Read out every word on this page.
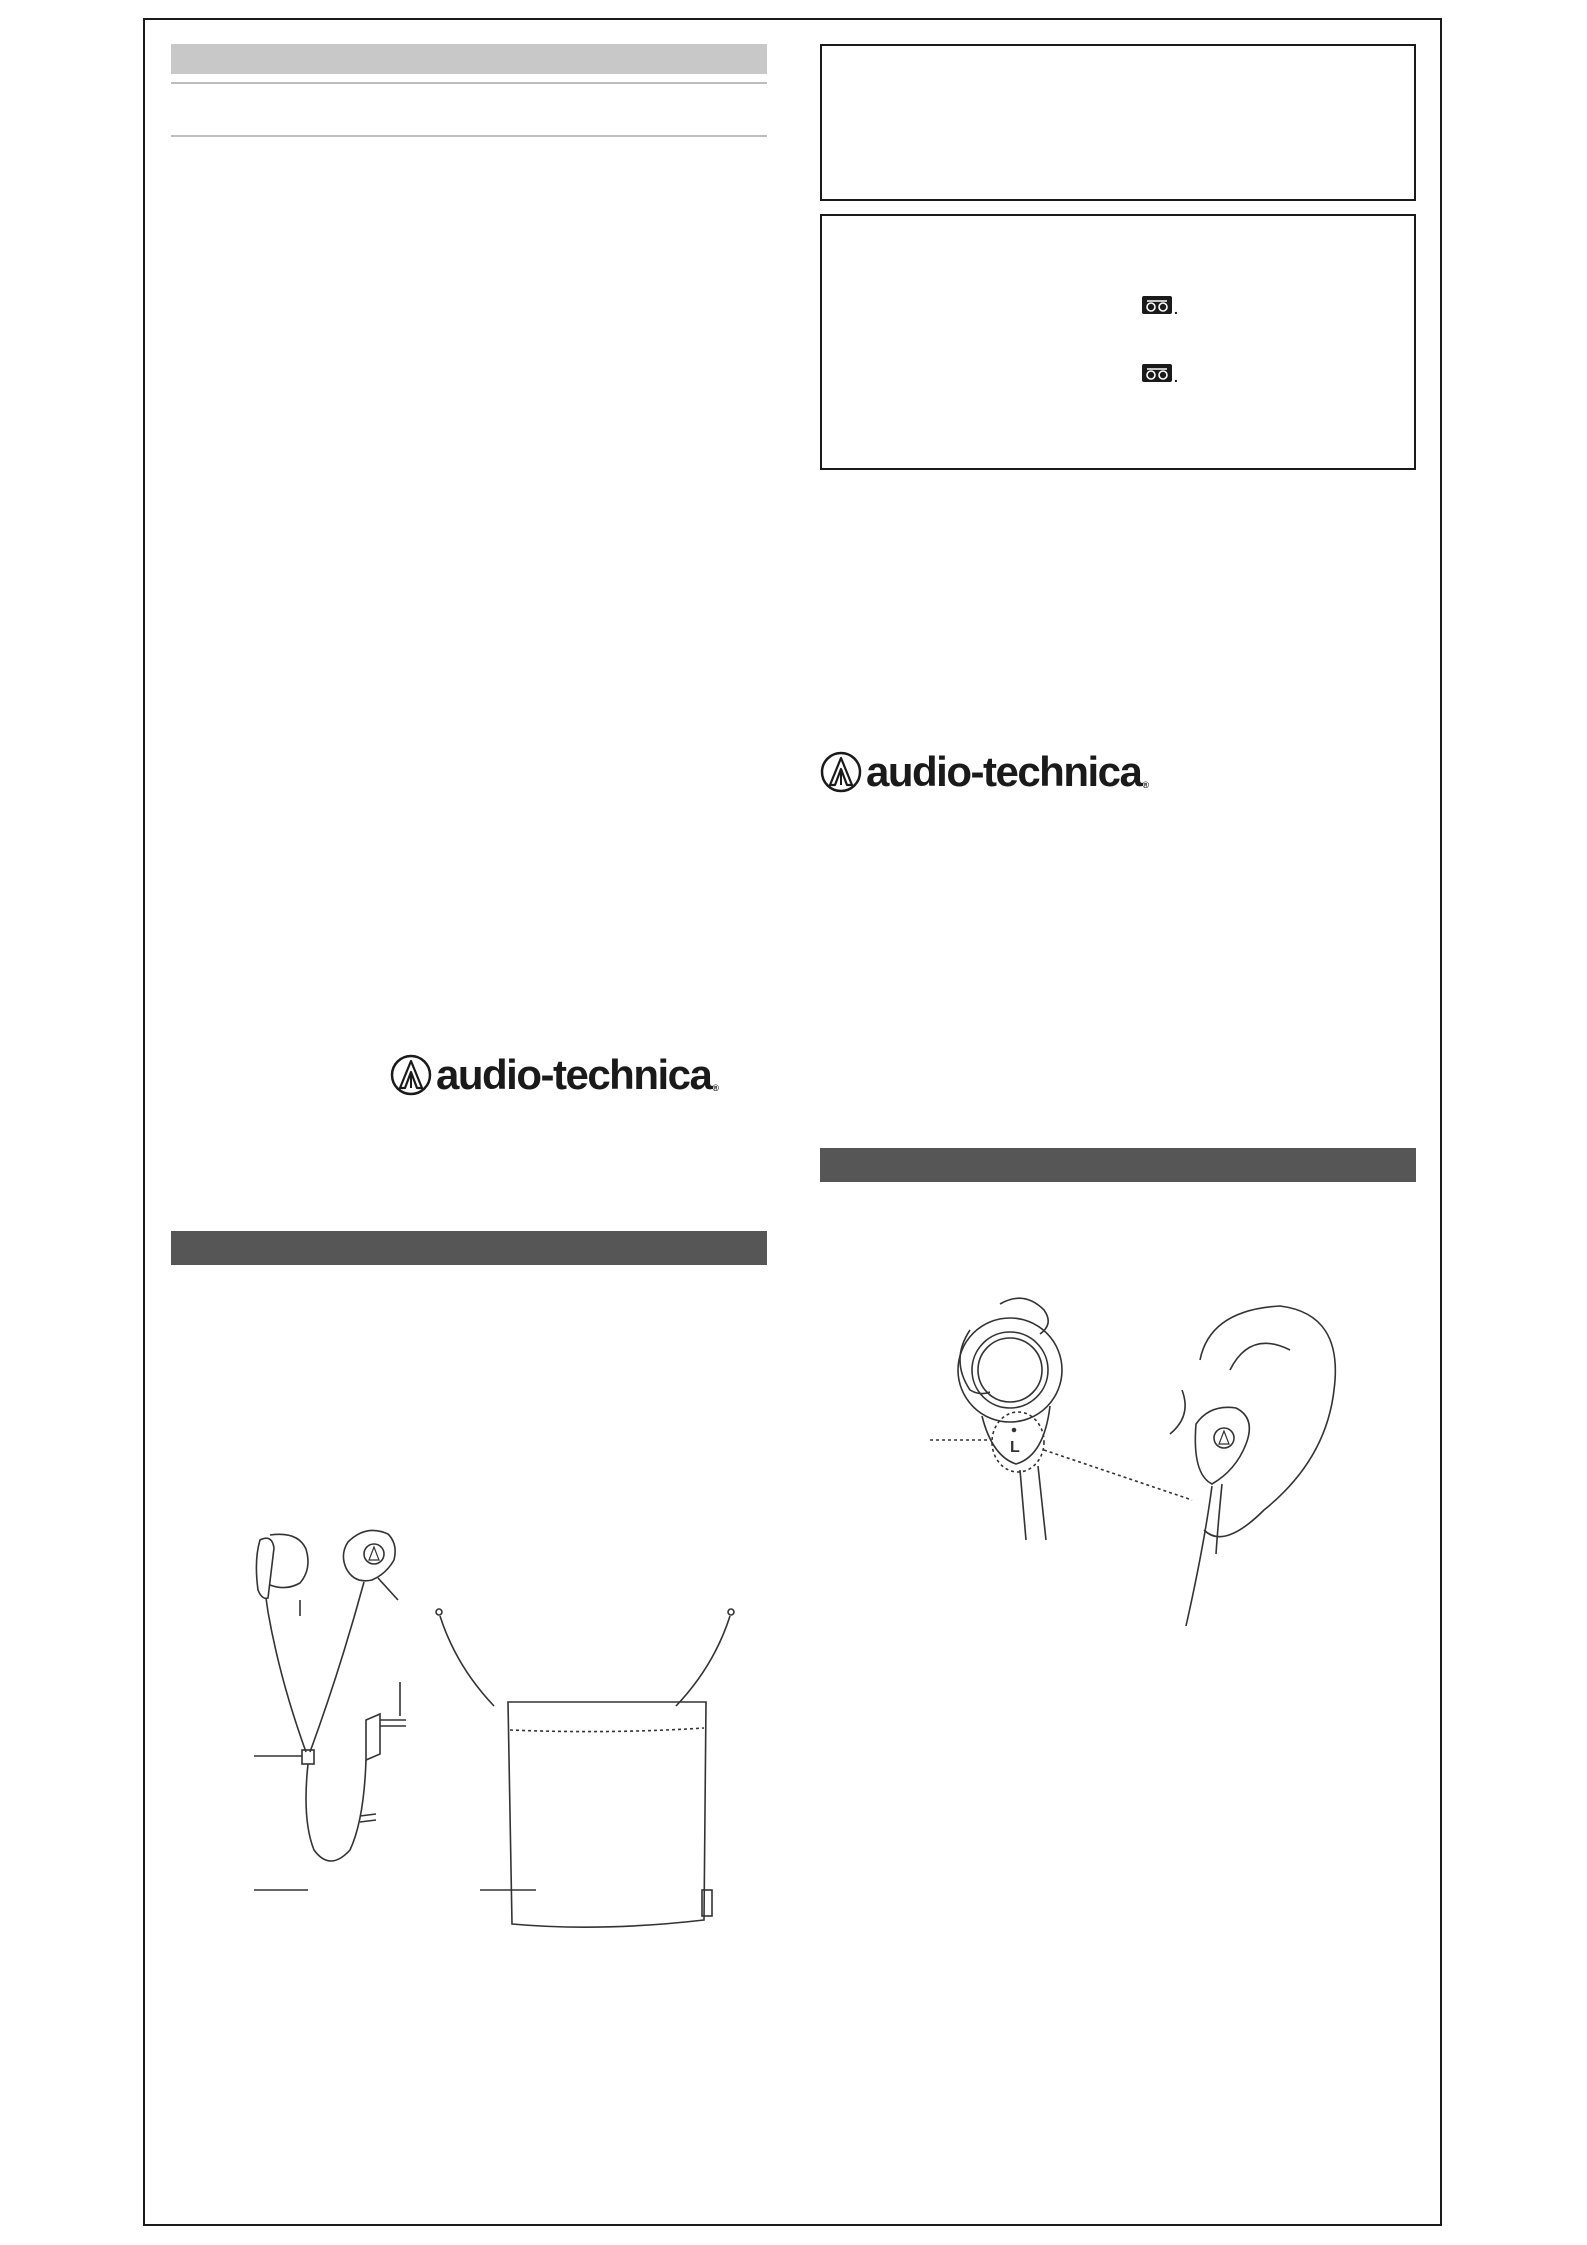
audio-technica ®
.
.
audio-technica ®
L
